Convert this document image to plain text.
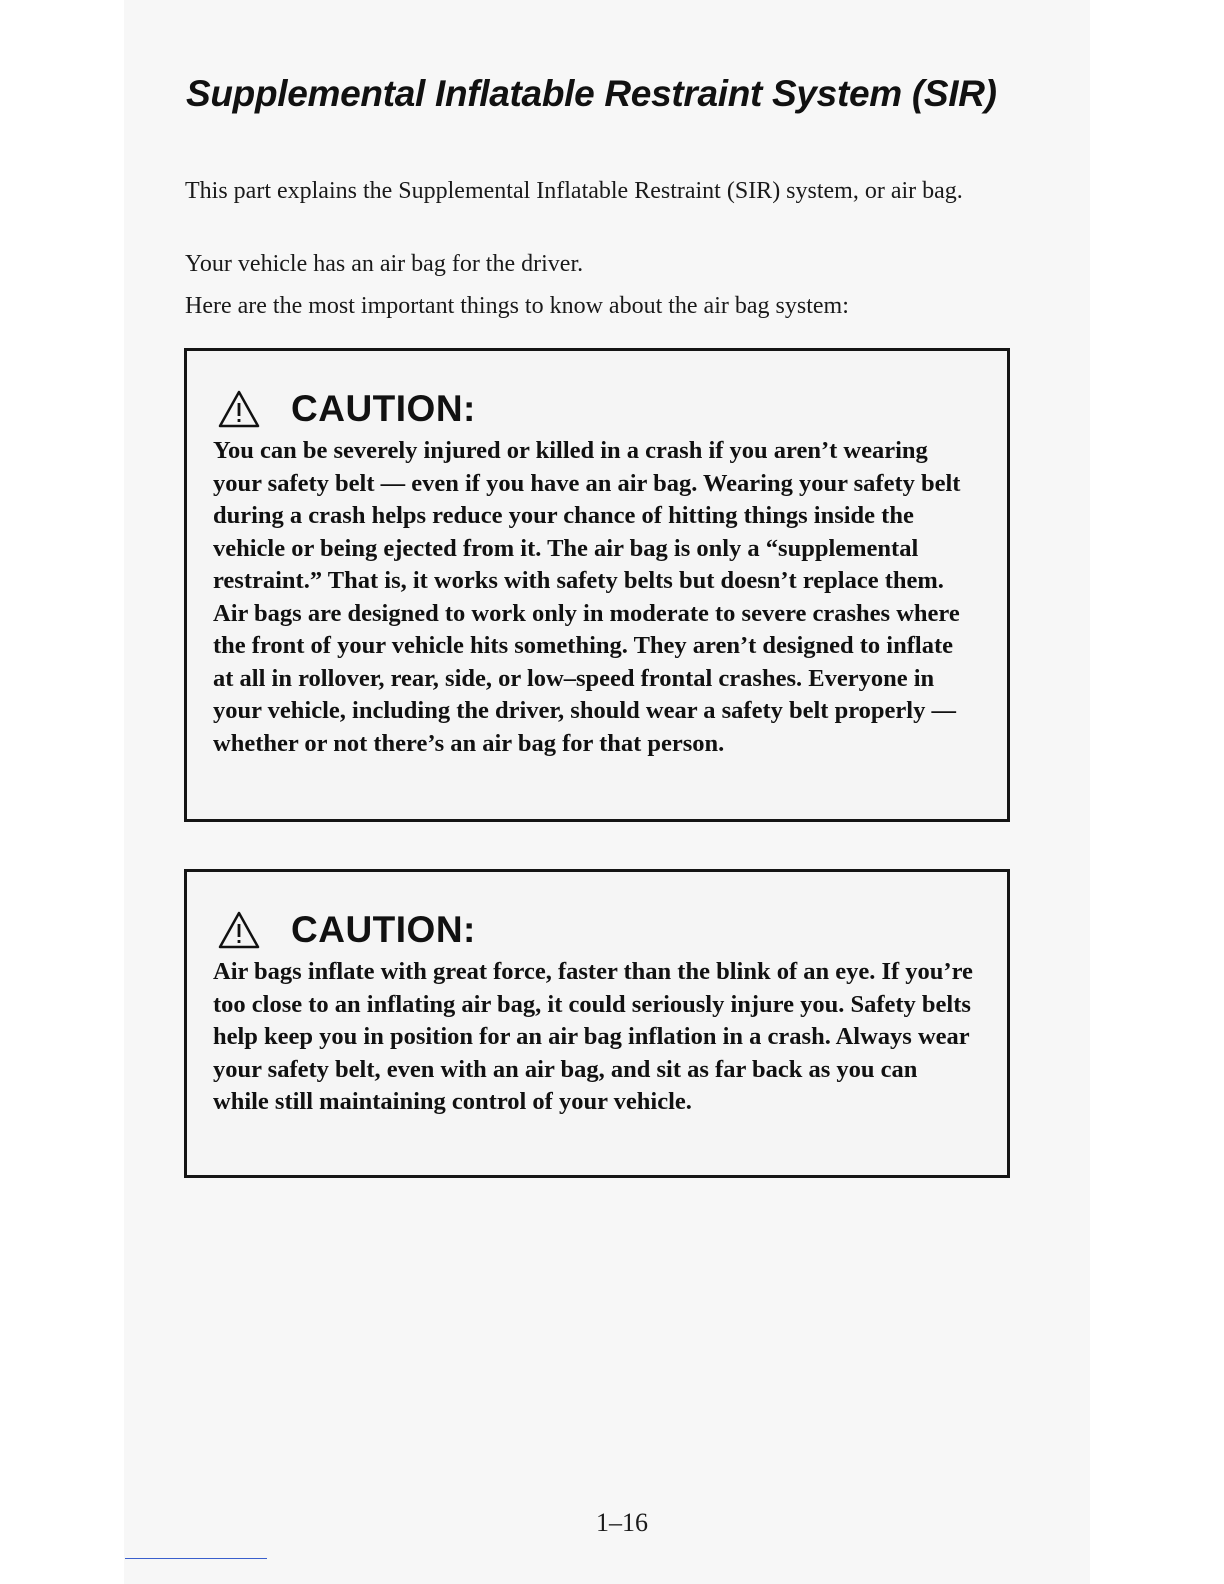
Supplemental Inflatable Restraint System (SIR)

This part explains the Supplemental Inflatable Restraint (SIR) system, or air bag.

Your vehicle has an air bag for the driver.

Here are the most important things to know about the air bag system:

CAUTION:

You can be severely injured or killed in a crash if you aren’t wearing your safety belt — even if you have an air bag. Wearing your safety belt during a crash helps reduce your chance of hitting things inside the vehicle or being ejected from it. The air bag is only a “supplemental restraint.” That is, it works with safety belts but doesn’t replace them. Air bags are designed to work only in moderate to severe crashes where the front of your vehicle hits something. They aren’t designed to inflate at all in rollover, rear, side, or low–speed frontal crashes. Everyone in your vehicle, including the driver, should wear a safety belt properly — whether or not there’s an air bag for that person.

CAUTION:

Air bags inflate with great force, faster than the blink of an eye. If you’re too close to an inflating air bag, it could seriously injure you. Safety belts help keep you in position for an air bag inflation in a crash. Always wear your safety belt, even with an air bag, and sit as far back as you can while still maintaining control of your vehicle.

1–16
